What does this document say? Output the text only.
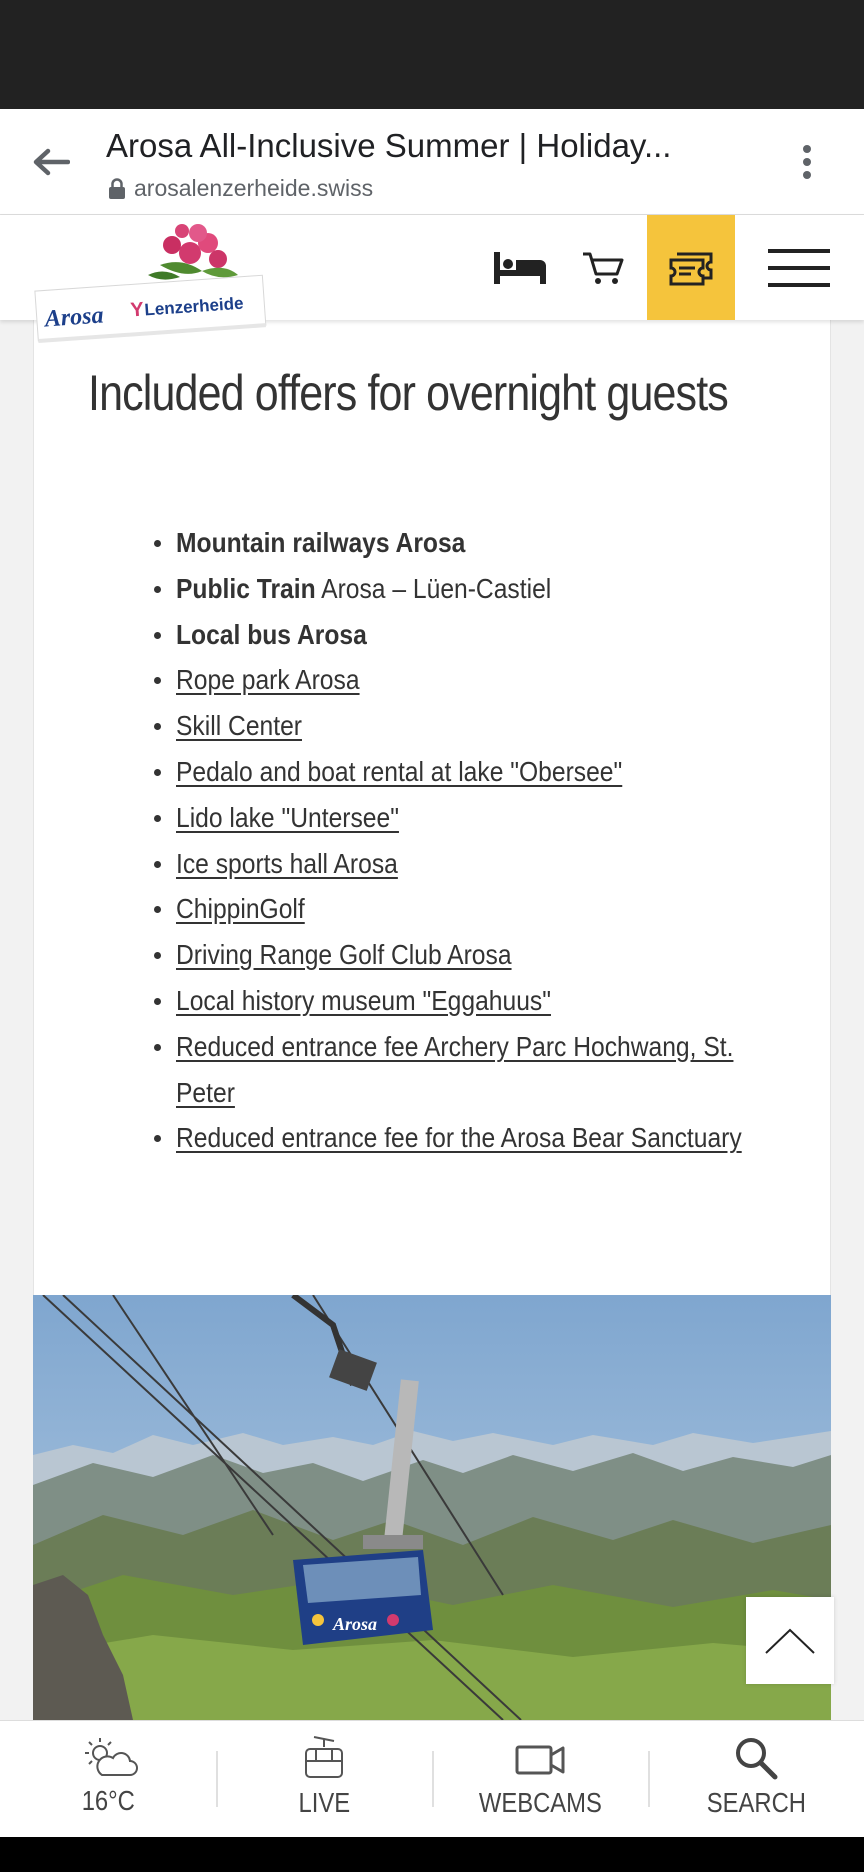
Arosa All-Inclusive Summer | Holiday...
arosalenzerheide.swiss
Arosa Y Lenzerheide
Included offers for overnight guests
Mountain railways Arosa
Public Train Arosa – Lüen-Castiel
Local bus Arosa
Rope park Arosa
Skill Center
Pedalo and boat rental at lake "Obersee"
Lido lake "Untersee"
Ice sports hall Arosa
ChippinGolf
Driving Range Golf Club Arosa
Local history museum "Eggahuus"
Reduced entrance fee Archery Parc Hochwang, St. Peter
Reduced entrance fee for the Arosa Bear Sanctuary
Arosa
16°C	LIVE	WEBCAMS	SEARCH
